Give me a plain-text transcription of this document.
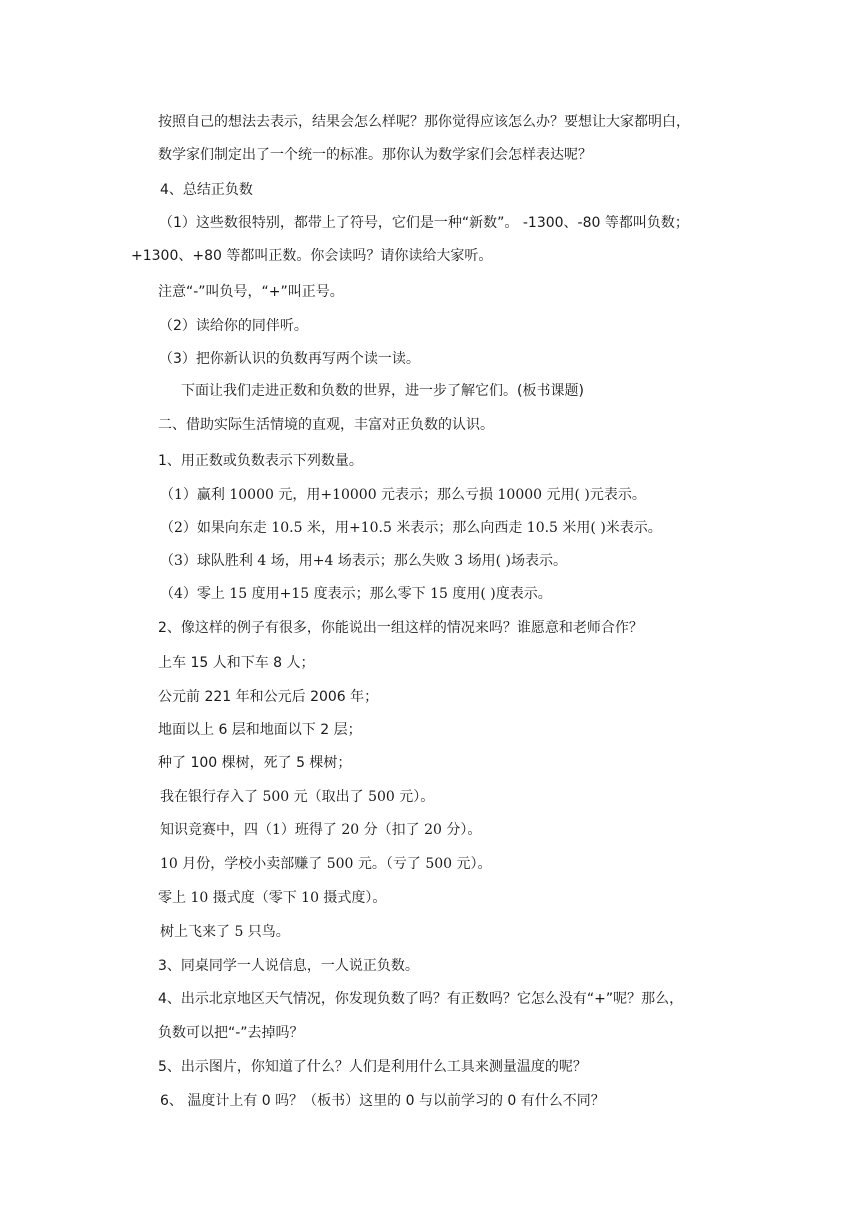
按照自己的想法去表示，结果会怎么样呢？那你觉得应该怎么办？要想让大家都明白，
数学家们制定出了一个统一的标准。那你认为数学家们会怎样表达呢？
4、总结正负数
（1）这些数很特别，都带上了符号，它们是一种“新数”。 -1300、-80 等都叫负数；
+1300、+80 等都叫正数。你会读吗？请你读给大家听。
注意“-”叫负号，“+”叫正号。
（2）读给你的同伴听。
（3）把你新认识的负数再写两个读一读。
下面让我们走进正数和负数的世界，进一步了解它们。(板书课题)
二、借助实际生活情境的直观，丰富对正负数的认识。
1、用正数或负数表示下列数量。
（1）赢利 10000 元，用+10000 元表示；那么亏损 10000 元用( )元表示。
（2）如果向东走 10.5 米，用+10.5 米表示；那么向西走 10.5 米用( )米表示。
（3）球队胜利 4 场，用+4 场表示；那么失败 3 场用( )场表示。
（4）零上 15 度用+15 度表示；那么零下 15 度用( )度表示。
2、像这样的例子有很多，你能说出一组这样的情况来吗？谁愿意和老师合作？
上车 15 人和下车 8 人；
公元前 221 年和公元后 2006 年；
地面以上 6 层和地面以下 2 层；
种了 100 棵树，死了 5 棵树；
我在银行存入了 500 元（取出了 500 元）。
知识竞赛中，四（1）班得了 20 分（扣了 20 分）。
10 月份，学校小卖部赚了 500 元。（亏了 500 元）。
零上 10 摄式度（零下 10 摄式度）。
树上飞来了 5 只鸟。
3、同桌同学一人说信息，一人说正负数。
4、出示北京地区天气情况，你发现负数了吗？有正数吗？它怎么没有“+”呢？那么，
负数可以把“-”去掉吗？
5、出示图片，你知道了什么？人们是利用什么工具来测量温度的呢？
6、 温度计上有 0 吗？（板书）这里的 0 与以前学习的 0 有什么不同？
